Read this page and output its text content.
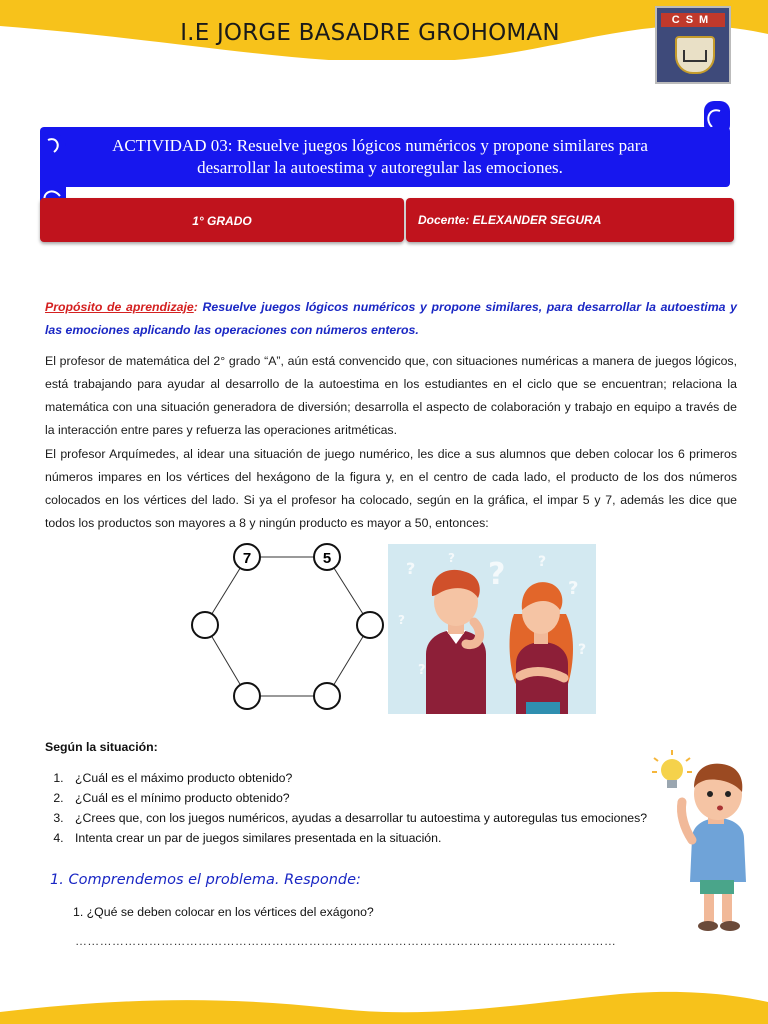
I.E JORGE BASADRE GROHOMAN	CSM
ACTIVIDAD 03: Resuelve juegos lógicos numéricos y propone similares para
desarrollar la autoestima y autoregular las emociones.
1° GRADO	Docente: ELEXANDER SEGURA
Propósito de aprendizaje: Resuelve juegos lógicos numéricos y propone similares, para desarrollar la autoestima y las emociones aplicando las operaciones con números enteros.
El profesor de matemática del 2° grado “A”, aún está convencido que, con situaciones numéricas a manera de juegos lógicos, está trabajando para ayudar al desarrollo de la autoestima en los estudiantes en el ciclo que se encuentran; relaciona la matemática con una situación generadora de diversión; desarrolla el aspecto de colaboración y trabajo en equipo a través de la interacción entre pares y refuerza las operaciones aritméticas.
El profesor Arquímedes, al idear una situación de juego numérico, les dice a sus alumnos que deben colocar los 6 primeros números impares en los vértices del hexágono de la figura y, en el centro de cada lado, el producto de los dos números colocados en los vértices del lado. Si ya el profesor ha colocado, según en la gráfica, el impar 5 y 7, además les dice que todos los productos son mayores a 8 y ningún producto es mayor a 50, entonces:
7	5
?
? ? ?
?
?
?
?
Según la situación:
1. ¿Cuál es el máximo producto obtenido?
2. ¿Cuál es el mínimo producto obtenido?
3. ¿Crees que, con los juegos numéricos, ayudas a desarrollar tu autoestima y autoregulas tus emociones?
4. Intenta crear un par de juegos similares presentada en la situación.
1. Comprendemos el problema. Responde:
1. ¿Qué se deben colocar en los vértices del exágono?
……………………………………………………………………………………………………………………
